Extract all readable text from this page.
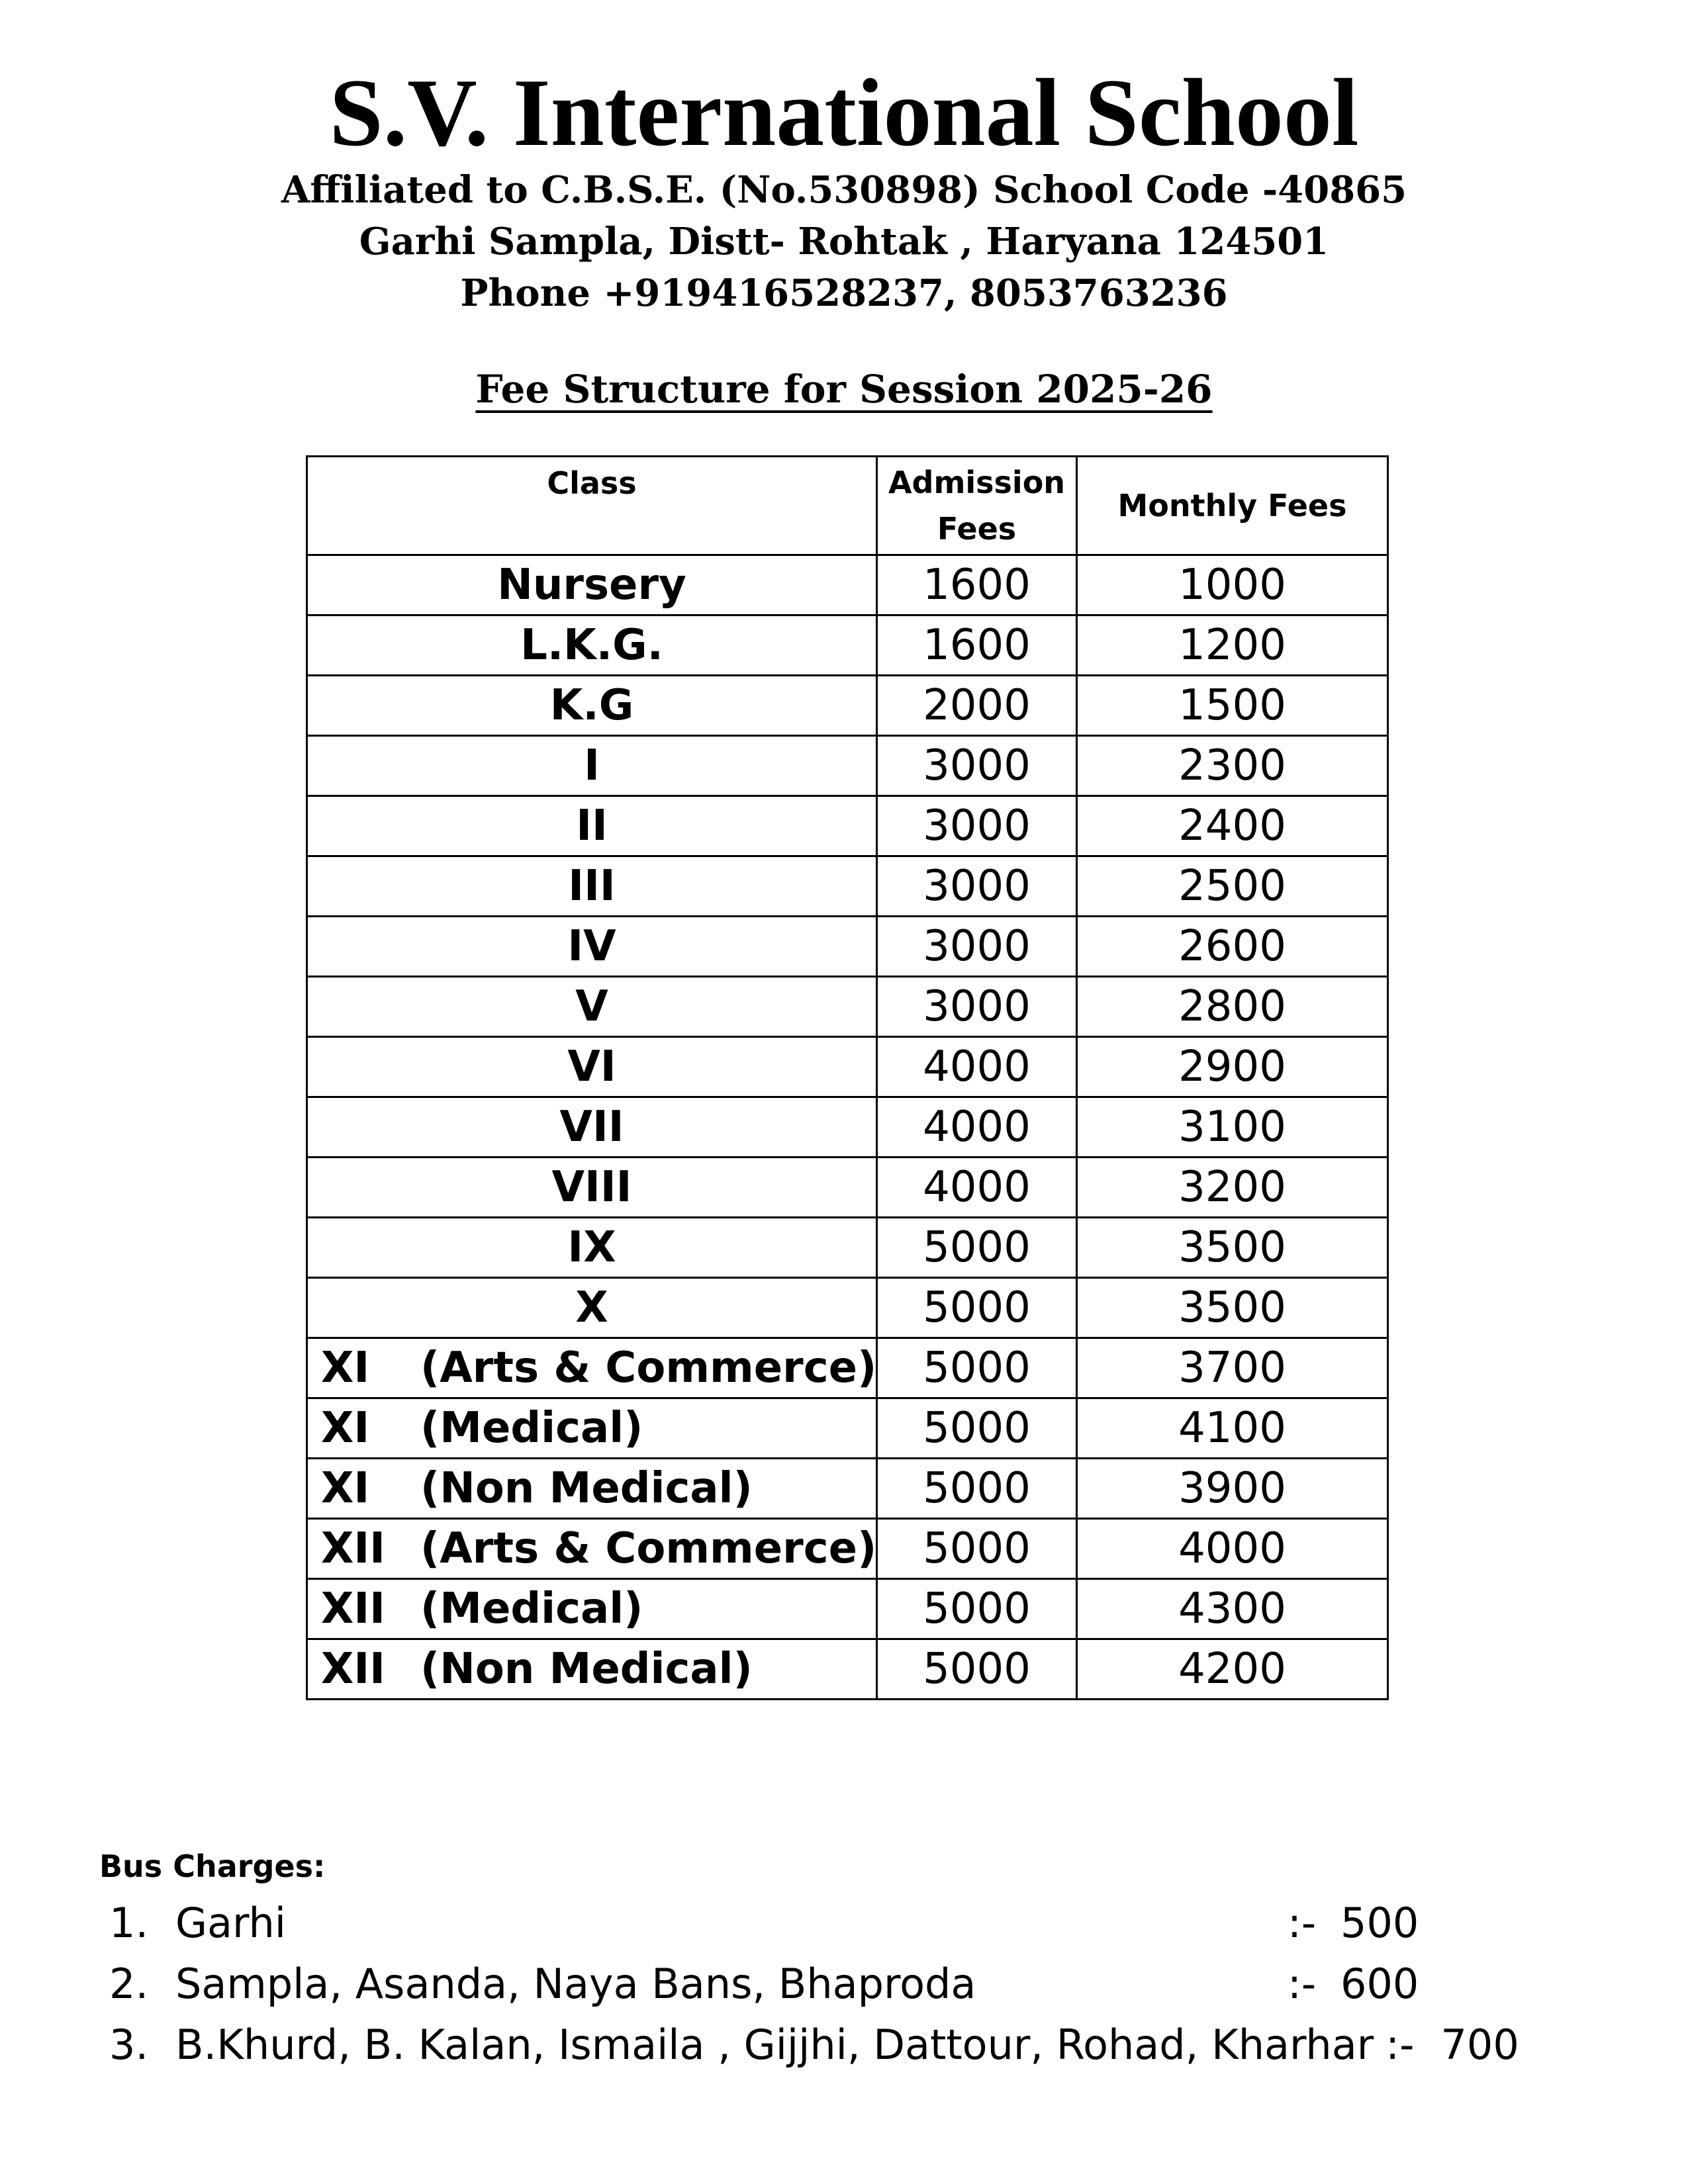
S.V. International School
Affiliated to C.B.S.E. (No.530898) School Code -40865
Garhi Sampla, Distt- Rohtak , Haryana 124501
Phone +919416528237, 8053763236
Fee Structure for Session 2025-26
Class	Admission Fees	Monthly Fees
Nursery	1600	1000
L.K.G.	1600	1200
K.G	2000	1500
I	3000	2300
II	3000	2400
III	3000	2500
IV	3000	2600
V	3000	2800
VI	4000	2900
VII	4000	3100
VIII	4000	3200
IX	5000	3500
X	5000	3500
XI (Arts & Commerce)	5000	3700
XI (Medical)	5000	4100
XI (Non Medical)	5000	3900
XII (Arts & Commerce)	5000	4000
XII (Medical)	5000	4300
XII (Non Medical)	5000	4200
Bus Charges:
1. Garhi	:- 500
2. Sampla, Asanda, Naya Bans, Bhaproda	:- 600
3. B.Khurd, B. Kalan, Ismaila , Gijjhi, Dattour, Rohad, Kharhar :- 700
